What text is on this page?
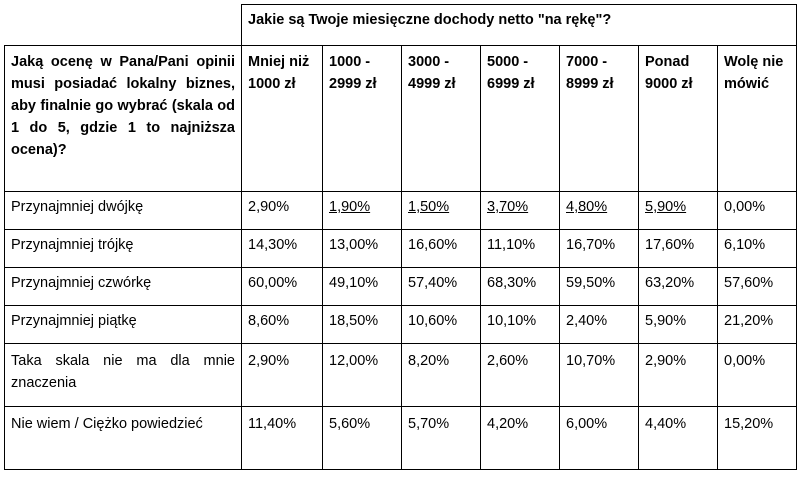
	Jakie są Twoje miesięczne dochody netto "na rękę"?						
Jaką ocenę w Pana/Pani opinii musi posiadać lokalny biznes, aby finalnie go wybrać (skala od 1 do 5, gdzie 1 to najniższa ocena)?	Mniej niż 1000 zł	1000 - 2999 zł	3000 - 4999 zł	5000 - 6999 zł	7000 - 8999 zł	Ponad 9000 zł	Wolę nie mówić
Przynajmniej dwójkę	2,90%	1,90%	1,50%	3,70%	4,80%	5,90%	0,00%
Przynajmniej trójkę	14,30%	13,00%	16,60%	11,10%	16,70%	17,60%	6,10%
Przynajmniej czwórkę	60,00%	49,10%	57,40%	68,30%	59,50%	63,20%	57,60%
Przynajmniej piątkę	8,60%	18,50%	10,60%	10,10%	2,40%	5,90%	21,20%
Taka skala nie ma dla mnie znaczenia	2,90%	12,00%	8,20%	2,60%	10,70%	2,90%	0,00%
Nie wiem / Ciężko powiedzieć	11,40%	5,60%	5,70%	4,20%	6,00%	4,40%	15,20%
